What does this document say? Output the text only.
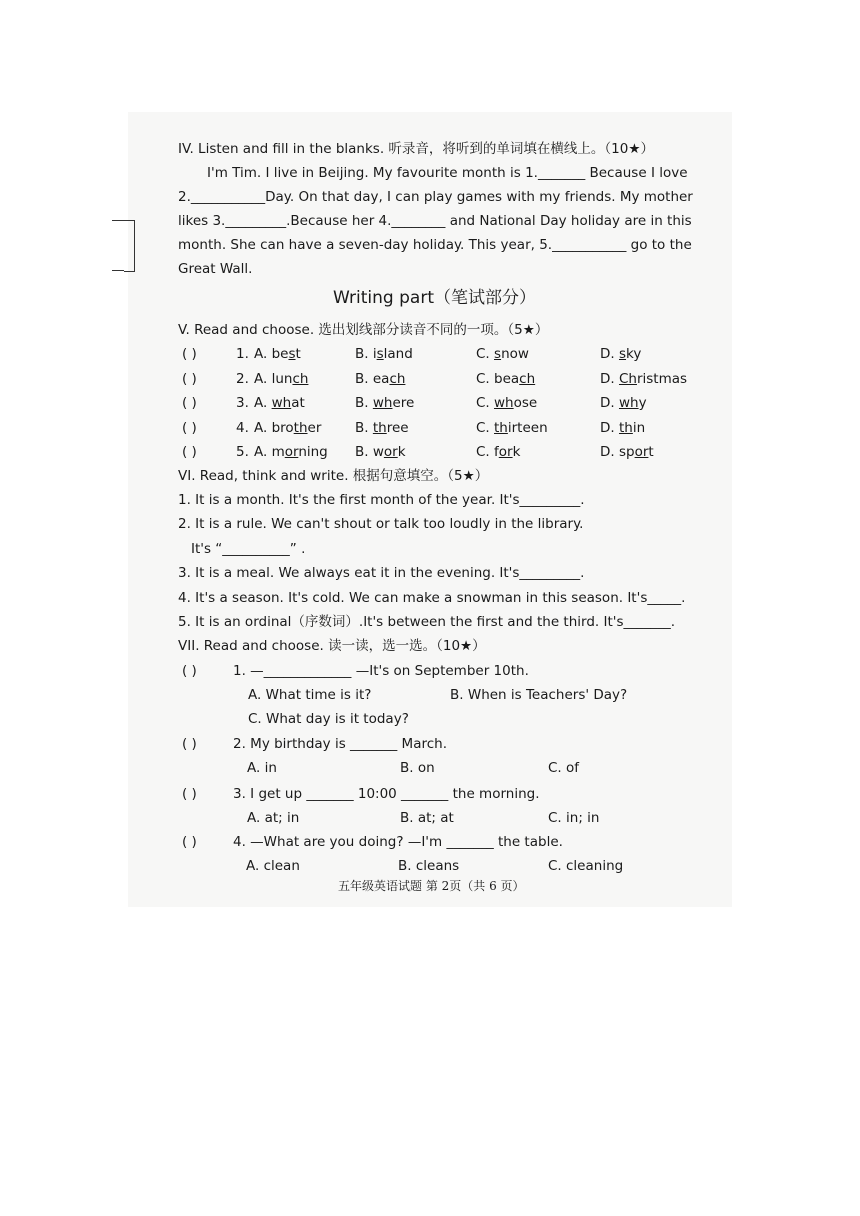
IV. Listen and fill in the blanks. 听录音，将听到的单词填在横线上。（10★）
I'm Tim. I live in Beijing. My favourite month is 1._______ Because I love
2.___________Day. On that day, I can play games with my friends. My mother
likes 3._________.Because her 4.________ and National Day holiday are in this
month. She can have a seven-day holiday. This year, 5.___________ go to the
Great Wall.
Writing part（笔试部分）
V. Read and choose. 选出划线部分读音不同的一项。（5★）
( )	1. A. best	B. island	C. snow	D. sky
( )	2. A. lunch	B. each	C. beach	D. Christmas
( )	3. A. what	B. where	C. whose	D. why
( )	4. A. brother B. three	C. thirteen	D. thin
( )	5. A. morning B. work	C. fork	D. sport
VI. Read, think and write. 根据句意填空。（5★）
1. It is a month. It's the first month of the year. It's_________.
2. It is a rule. We can't shout or talk too loudly in the library.
It's “__________” .
3. It is a meal. We always eat it in the evening. It's_________.
4. It's a season. It's cold. We can make a snowman in this season. It's_____.
5. It is an ordinal（序数词）.It's between the first and the third. It's_______.
VII. Read and choose. 读一读，选一选。（10★）
( )	1. —_____________ —It's on September 10th.
A. What time is it?	B. When is Teachers' Day?
C. What day is it today?
( )	2. My birthday is _______ March.
A. in	B. on	C. of
( )	3. I get up _______ 10:00 _______ the morning.
A. at; in	B. at; at	C. in; in
( )	4. —What are you doing? —I'm _______ the table.
A. clean	B. cleans	C. cleaning
五年级英语试题 第 2页（共 6 页）
